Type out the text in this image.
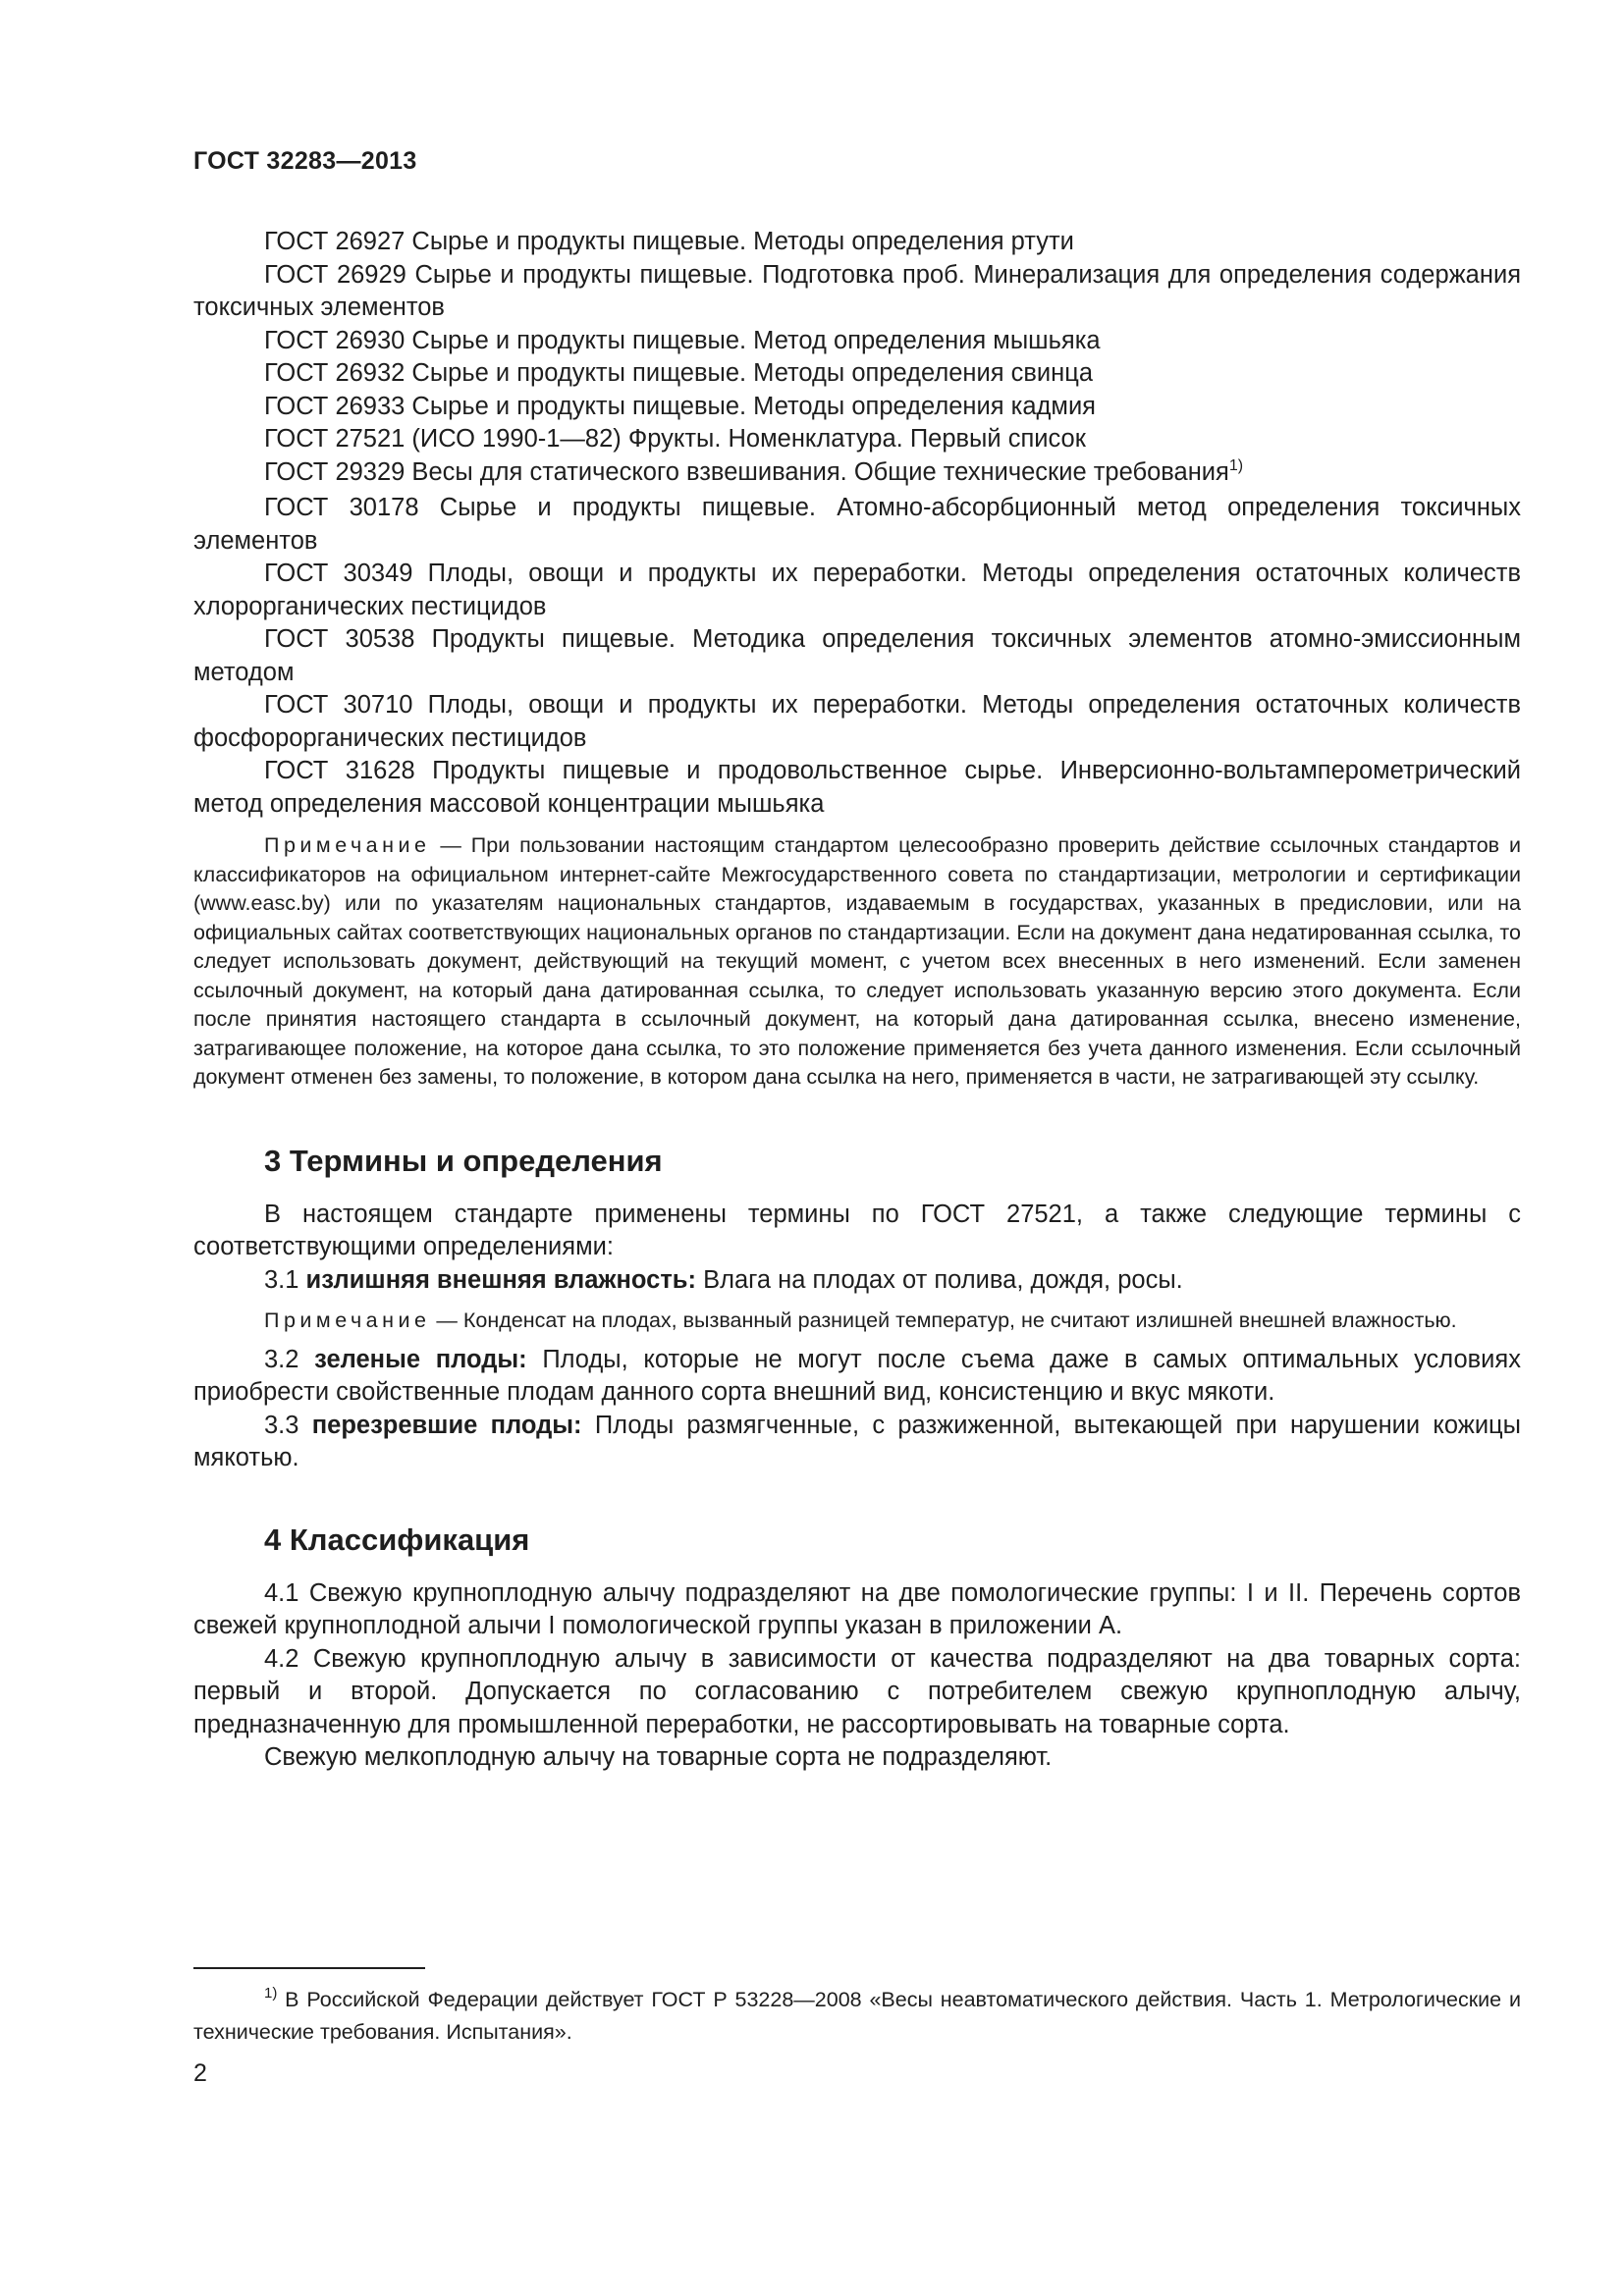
ГОСТ 32283—2013

ГОСТ 26927 Сырье и продукты пищевые. Методы определения ртути

ГОСТ 26929 Сырье и продукты пищевые. Подготовка проб. Минерализация для определения содержания токсичных элементов

ГОСТ 26930 Сырье и продукты пищевые. Метод определения мышьяка

ГОСТ 26932 Сырье и продукты пищевые. Методы определения свинца

ГОСТ 26933 Сырье и продукты пищевые. Методы определения кадмия

ГОСТ 27521 (ИСО 1990-1—82) Фрукты. Номенклатура. Первый список

ГОСТ 29329 Весы для статического взвешивания. Общие технические требования$^{1)}$

ГОСТ 30178 Сырье и продукты пищевые. Атомно-абсорбционный метод определения токсичных элементов

ГОСТ 30349 Плоды, овощи и продукты их переработки. Методы определения остаточных количеств хлорорганических пестицидов

ГОСТ 30538 Продукты пищевые. Методика определения токсичных элементов атомно-эмиссионным методом

ГОСТ 30710 Плоды, овощи и продукты их переработки. Методы определения остаточных количеств фосфорорганических пестицидов

ГОСТ 31628 Продукты пищевые и продовольственное сырье. Инверсионно-вольтамперометрический метод определения массовой концентрации мышьяка

Примечание — При пользовании настоящим стандартом целесообразно проверить действие ссылочных стандартов и классификаторов на официальном интернет-сайте Межгосударственного совета по стандартизации, метрологии и сертификации (www.easc.by) или по указателям национальных стандартов, издаваемым в государствах, указанных в предисловии, или на официальных сайтах соответствующих национальных органов по стандартизации. Если на документ дана недатированная ссылка, то следует использовать документ, действующий на текущий момент, с учетом всех внесенных в него изменений. Если заменен ссылочный документ, на который дана датированная ссылка, то следует использовать указанную версию этого документа. Если после принятия настоящего стандарта в ссылочный документ, на который дана датированная ссылка, внесено изменение, затрагивающее положение, на которое дана ссылка, то это положение применяется без учета данного изменения. Если ссылочный документ отменен без замены, то положение, в котором дана ссылка на него, применяется в части, не затрагивающей эту ссылку.

3 Термины и определения

В настоящем стандарте применены термины по ГОСТ 27521, а также следующие термины с соответствующими определениями:

3.1 излишняя внешняя влажность: Влага на плодах от полива, дождя, росы.

Примечание — Конденсат на плодах, вызванный разницей температур, не считают излишней внешней влажностью.

3.2 зеленые плоды: Плоды, которые не могут после съема даже в самых оптимальных условиях приобрести свойственные плодам данного сорта внешний вид, консистенцию и вкус мякоти.

3.3 перезревшие плоды: Плоды размягченные, с разжиженной, вытекающей при нарушении кожицы мякотью.

4 Классификация

4.1 Свежую крупноплодную алычу подразделяют на две помологические группы: I и II. Перечень сортов свежей крупноплодной алычи I помологической группы указан в приложении А.

4.2 Свежую крупноплодную алычу в зависимости от качества подразделяют на два товарных сорта: первый и второй. Допускается по согласованию с потребителем свежую крупноплодную алычу, предназначенную для промышленной переработки, не рассортировывать на товарные сорта.

Свежую мелкоплодную алычу на товарные сорта не подразделяют.

$^{1)}$ В Российской Федерации действует ГОСТ Р 53228—2008 «Весы неавтоматического действия. Часть 1. Метрологические и технические требования. Испытания».

2
